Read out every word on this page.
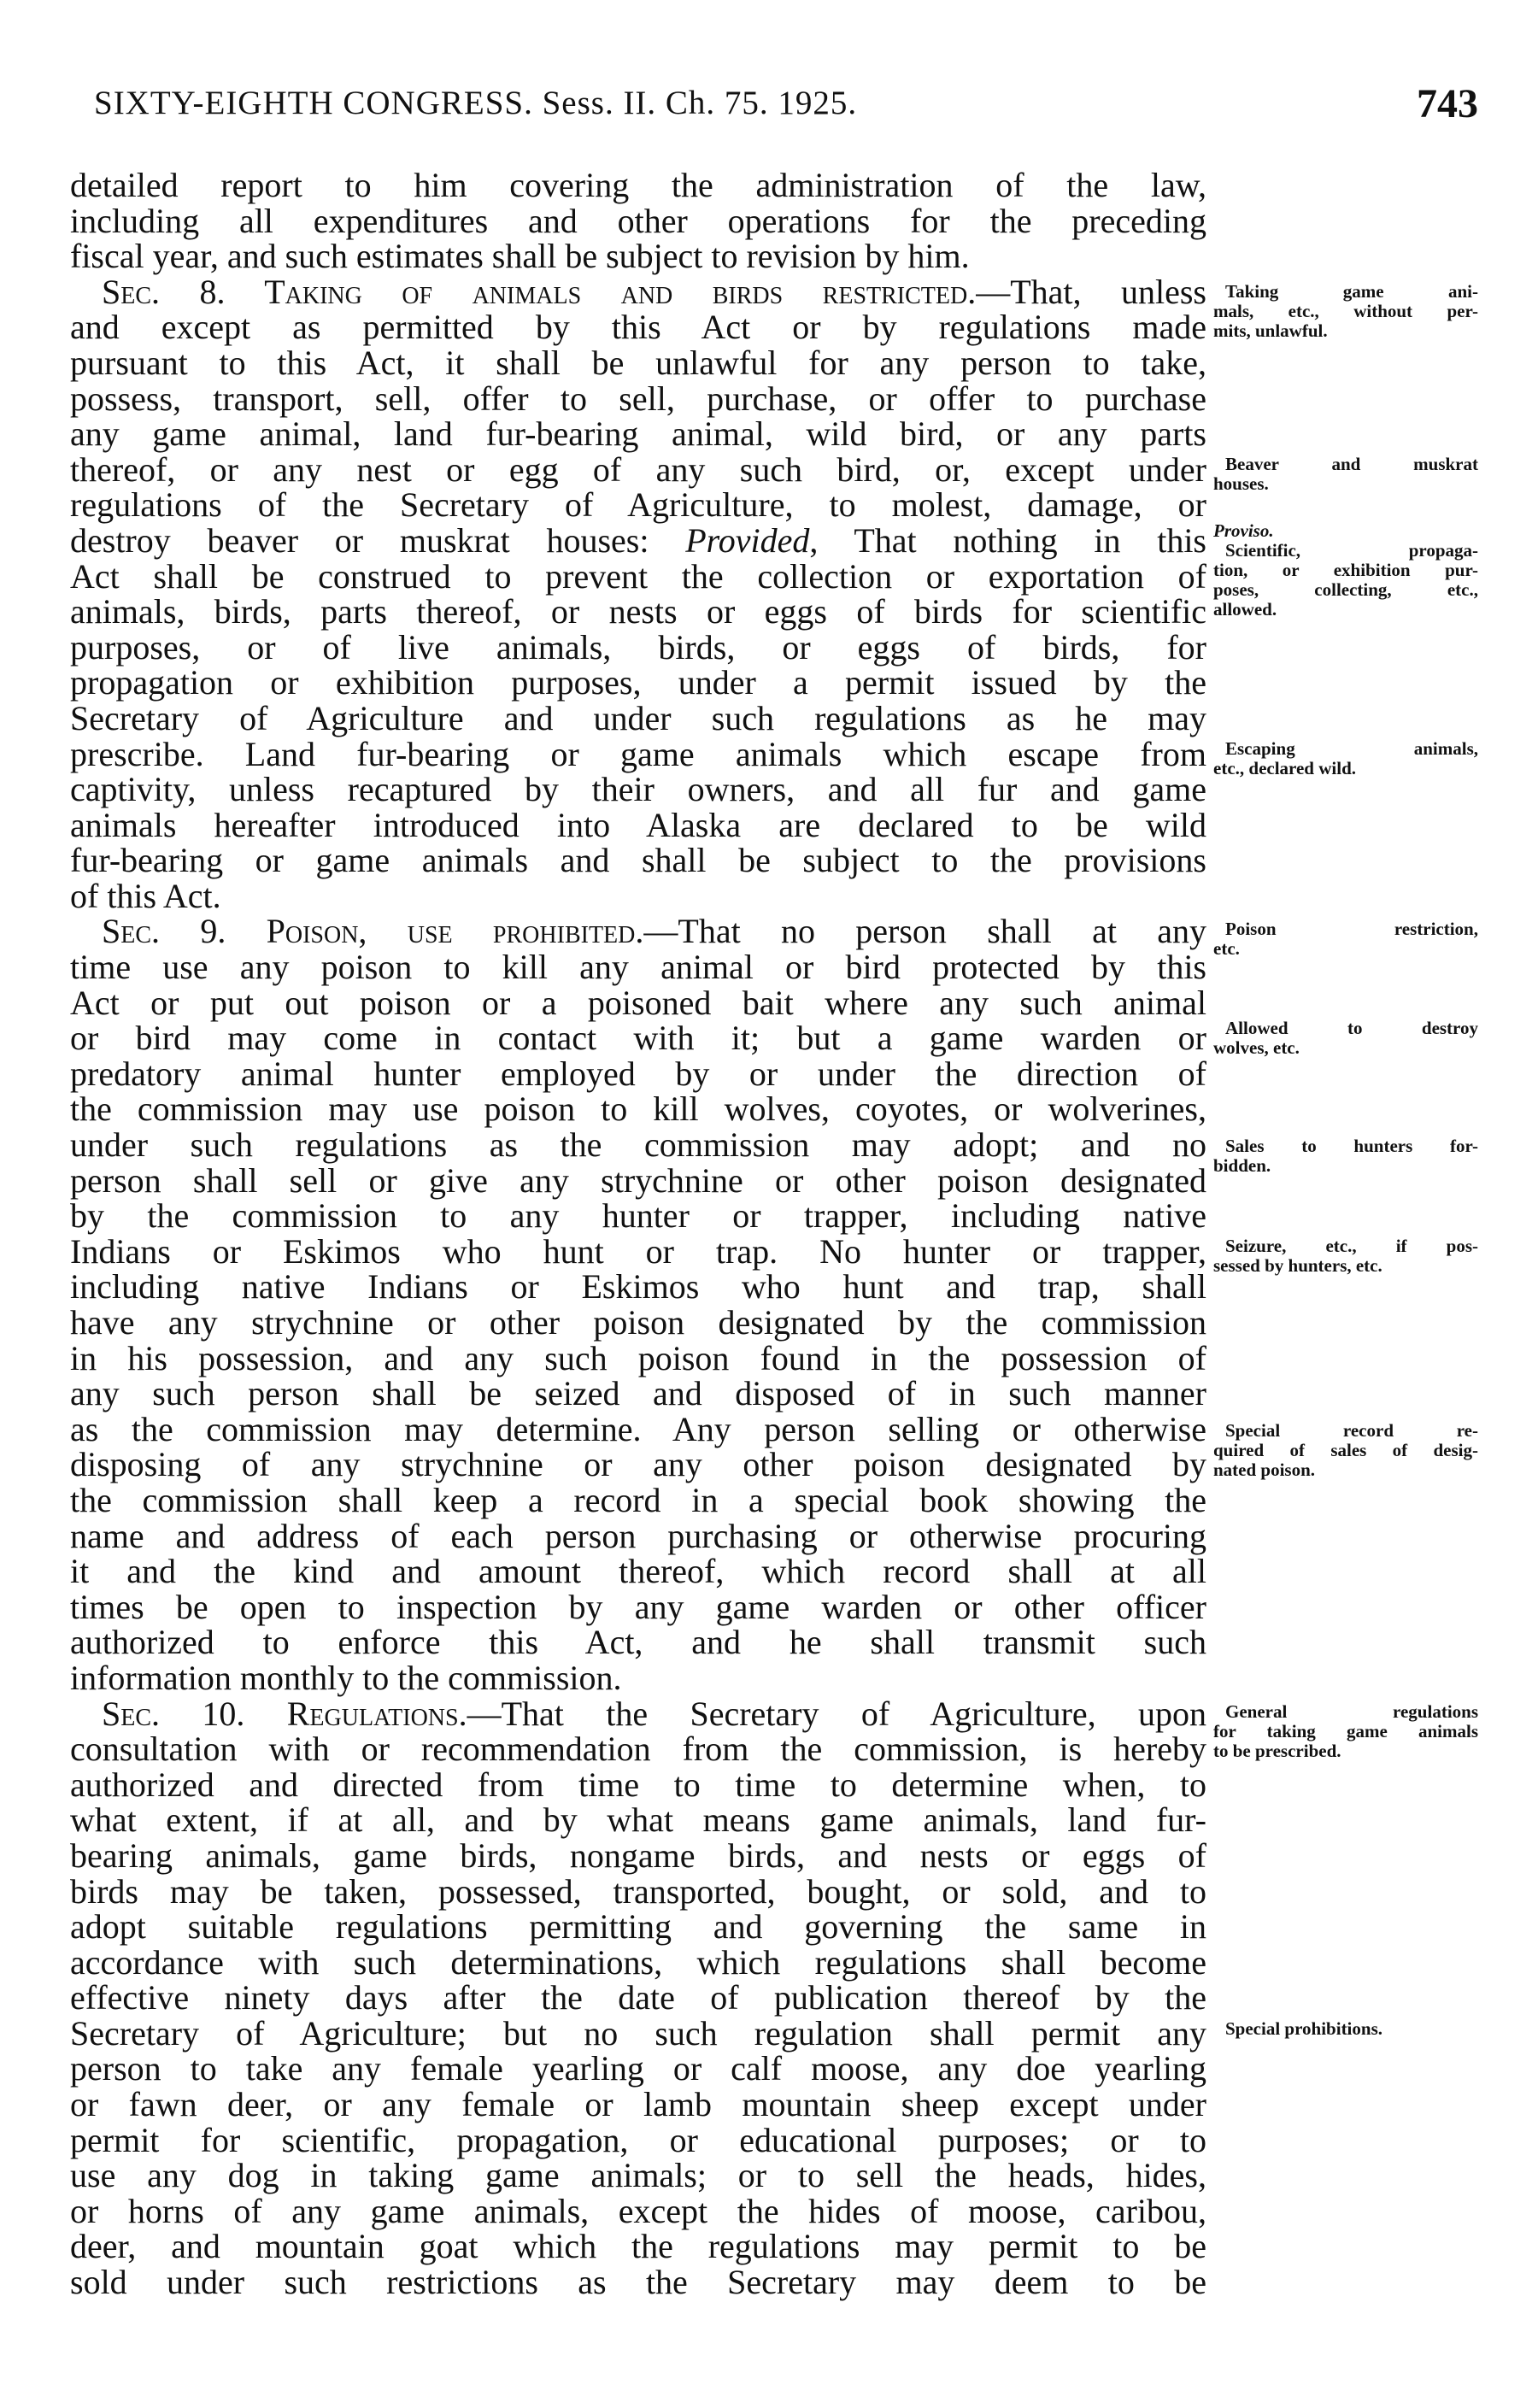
SIXTY-EIGHTH CONGRESS. Sess. II. Ch. 75. 1925.	743
detailed report to him covering the administration of the law,
including all expenditures and other operations for the preceding
fiscal year, and such estimates shall be subject to revision by him.
Sec. 8. Taking of animals and birds restricted.—That, unless
and except as permitted by this Act or by regulations made
pursuant to this Act, it shall be unlawful for any person to take,
possess, transport, sell, offer to sell, purchase, or offer to purchase
any game animal, land fur-bearing animal, wild bird, or any parts
thereof, or any nest or egg of any such bird, or, except under
regulations of the Secretary of Agriculture, to molest, damage, or
destroy beaver or muskrat houses: Provided, That nothing in this
Act shall be construed to prevent the collection or exportation of
animals, birds, parts thereof, or nests or eggs of birds for scientific
purposes, or of live animals, birds, or eggs of birds, for
propagation or exhibition purposes, under a permit issued by the
Secretary of Agriculture and under such regulations as he may
prescribe. Land fur-bearing or game animals which escape from
captivity, unless recaptured by their owners, and all fur and game
animals hereafter introduced into Alaska are declared to be wild
fur-bearing or game animals and shall be subject to the provisions
of this Act.
Sec. 9. Poison, use prohibited.—That no person shall at any
time use any poison to kill any animal or bird protected by this
Act or put out poison or a poisoned bait where any such animal
or bird may come in contact with it; but a game warden or
predatory animal hunter employed by or under the direction of
the commission may use poison to kill wolves, coyotes, or wolverines,
under such regulations as the commission may adopt; and no
person shall sell or give any strychnine or other poison designated
by the commission to any hunter or trapper, including native
Indians or Eskimos who hunt or trap. No hunter or trapper,
including native Indians or Eskimos who hunt and trap, shall
have any strychnine or other poison designated by the commission
in his possession, and any such poison found in the possession of
any such person shall be seized and disposed of in such manner
as the commission may determine. Any person selling or otherwise
disposing of any strychnine or any other poison designated by
the commission shall keep a record in a special book showing the
name and address of each person purchasing or otherwise procuring
it and the kind and amount thereof, which record shall at all
times be open to inspection by any game warden or other officer
authorized to enforce this Act, and he shall transmit such
information monthly to the commission.
Sec. 10. Regulations.—That the Secretary of Agriculture, upon
consultation with or recommendation from the commission, is hereby
authorized and directed from time to time to determine when, to
what extent, if at all, and by what means game animals, land fur-
bearing animals, game birds, nongame birds, and nests or eggs of
birds may be taken, possessed, transported, bought, or sold, and to
adopt suitable regulations permitting and governing the same in
accordance with such determinations, which regulations shall become
effective ninety days after the date of publication thereof by the
Secretary of Agriculture; but no such regulation shall permit any
person to take any female yearling or calf moose, any doe yearling
or fawn deer, or any female or lamb mountain sheep except under
permit for scientific, propagation, or educational purposes; or to
use any dog in taking game animals; or to sell the heads, hides,
or horns of any game animals, except the hides of moose, caribou,
deer, and mountain goat which the regulations may permit to be
sold under such restrictions as the Secretary may deem to be
Taking game ani-
mals, etc., without per-
mits, unlawful.
Beaver and muskrat
houses.
Proviso.
Scientific, propaga-
tion, or exhibition pur-
poses, collecting, etc.,
allowed.
Escaping animals,
etc., declared wild.
Poison restriction,
etc.
Allowed to destroy
wolves, etc.
Sales to hunters for-
bidden.
Seizure, etc., if pos-
sessed by hunters, etc.
Special record re-
quired of sales of desig-
nated poison.
General regulations
for taking game animals
to be prescribed.
Special prohibitions.
